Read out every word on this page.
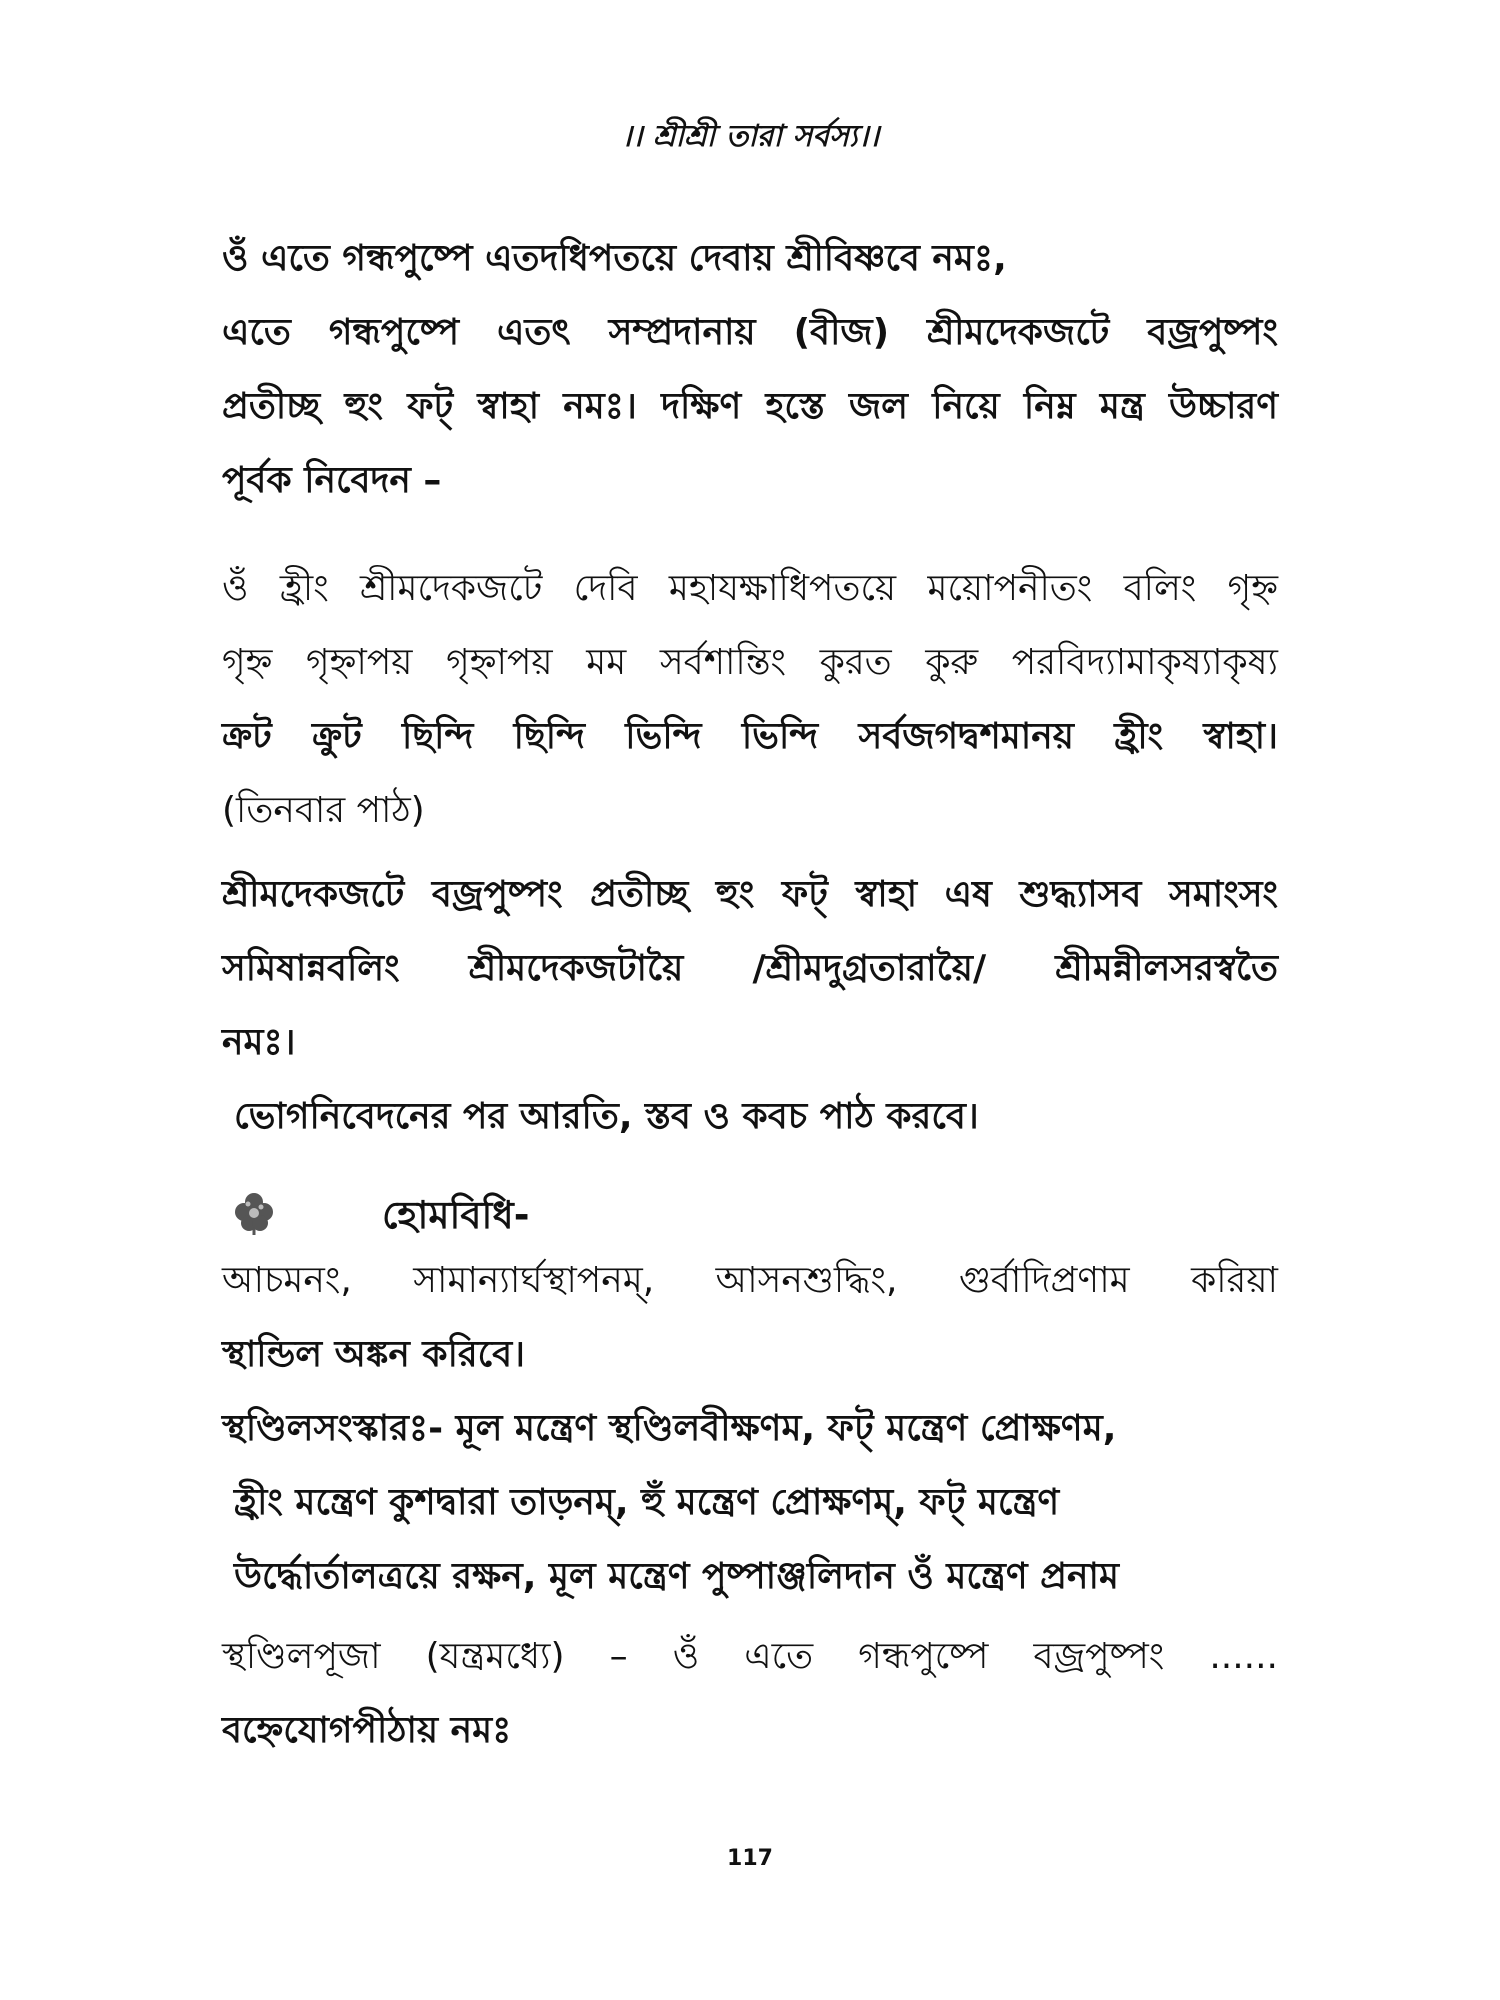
।। শ্রীশ্রী তারা সর্বস্য।।
ওঁ এতে গন্ধপুষ্পে এতদধিপতয়ে দেবায় শ্রীবিষ্ণবে নমঃ,
এতে গন্ধপুষ্পে এতৎ সম্প্রদানায় (বীজ) শ্রীমদেকজটে বজ্রপুষ্পং
প্রতীচ্ছ হুং ফট্ স্বাহা নমঃ। দক্ষিণ হস্তে জল নিয়ে নিম্ন মন্ত্র উচ্চারণ
পূর্বক নিবেদন –
ওঁ হ্রীং শ্রীমদেকজটে দেবি মহাযক্ষাধিপতয়ে ময়োপনীতং বলিং গৃহ্ন
গৃহ্ন গৃহ্নাপয় গৃহ্নাপয় মম সর্বশান্তিং কুরত কুরু পরবিদ্যামাকৃষ্যাকৃষ্য
ক্রট ক্রুট ছিন্দি ছিন্দি ভিন্দি ভিন্দি সর্বজগদ্বশমানয় হ্রীং স্বাহা।
(তিনবার পাঠ)
শ্রীমদেকজটে বজ্রপুষ্পং প্রতীচ্ছ হুং ফট্ স্বাহা এষ শুদ্ধ্যাসব সমাংসং
সমিষান্নবলিং শ্রীমদেকজটায়ৈ /শ্রীমদুগ্রতারায়ৈ/ শ্রীমন্নীলসরস্বতৈ
নমঃ।
ভোগনিবেদনের পর আরতি, স্তব ও কবচ পাঠ করবে।
হোমবিধি-
আচমনং, সামান্যার্ঘস্থাপনম্, আসনশুদ্ধিং, গুর্বাদিপ্রণাম করিয়া
স্থান্ডিল অঙ্কন করিবে।
স্থণ্ডিলসংস্কারঃ- মূল মন্ত্রেণ স্থণ্ডিলবীক্ষণম, ফট্ মন্ত্রেণ প্রোক্ষণম,
হ্রীং মন্ত্রেণ কুশদ্বারা তাড়নম্, হুঁ মন্ত্রেণ প্রোক্ষণম্, ফট্ মন্ত্রেণ
উর্দ্ধোর্তালত্রয়ে রক্ষন, মূল মন্ত্রেণ পুষ্পাঞ্জলিদান ওঁ মন্ত্রেণ প্রনাম
স্থণ্ডিলপূজা (যন্ত্রমধ্যে) – ওঁ এতে গন্ধপুষ্পে বজ্রপুষ্পং ......
বহ্নেযোগপীঠায় নমঃ
117
